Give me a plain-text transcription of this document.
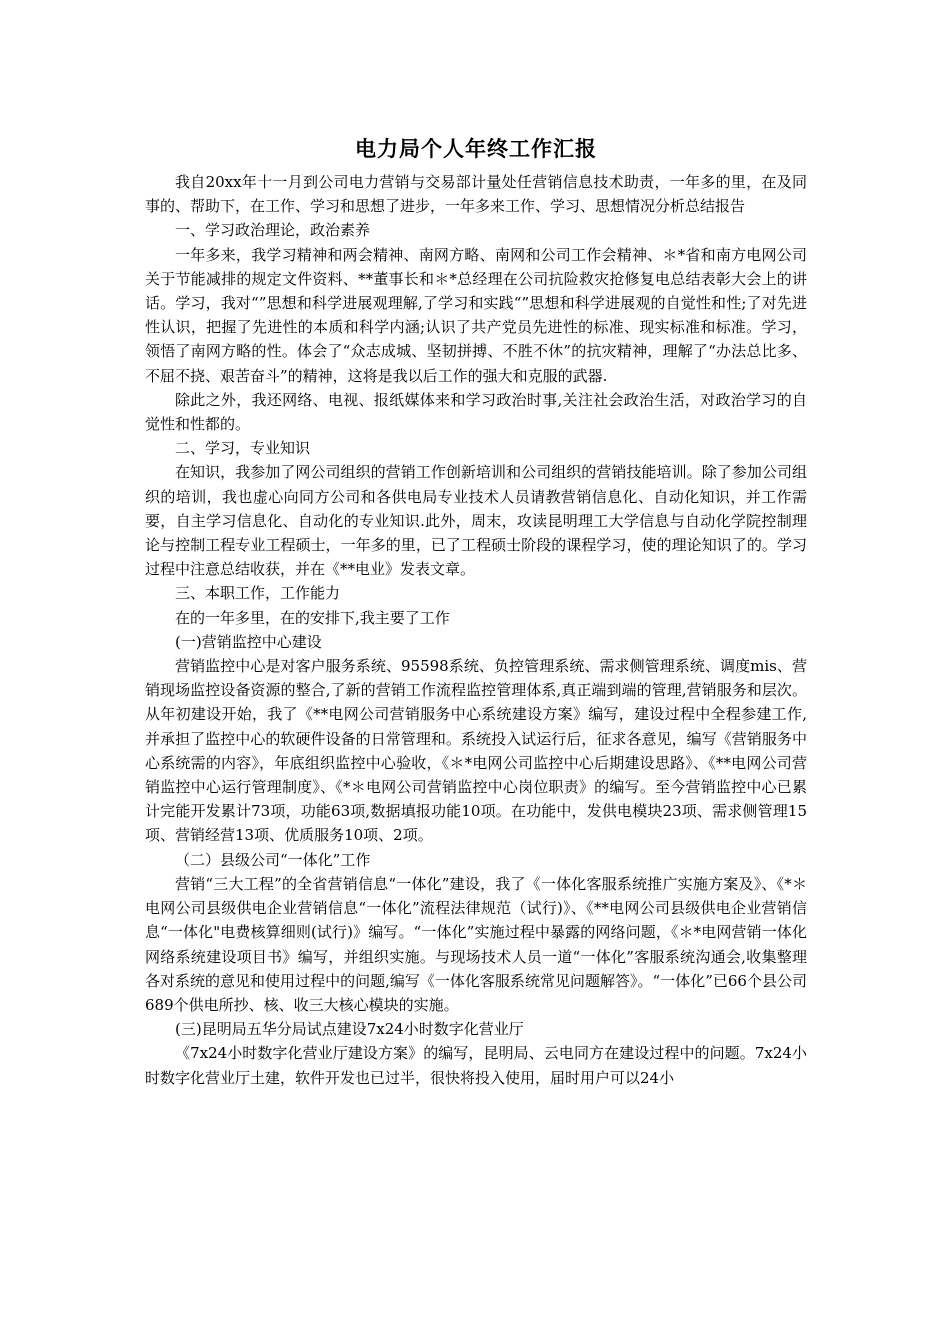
电力局个人年终工作汇报

我自20xx年十一月到公司电力营销与交易部计量处任营销信息技术助责，一年多的里，在及同事的、帮助下，在工作、学习和思想了进步，一年多来工作、学习、思想情况分析总结报告

一、学习政治理论，政治素养

一年多来，我学习精神和两会精神、南网方略、南网和公司工作会精神、＊*省和南方电网公司关于节能减排的规定文件资料、**董事长和＊*总经理在公司抗险救灾抢修复电总结表彰大会上的讲话。学习，我对“”思想和科学进展观理解,了学习和实践“”思想和科学进展观的自觉性和性;了对先进性认识，把握了先进性的本质和科学内涵;认识了共产党员先进性的标准、现实标准和标准。学习，领悟了南网方略的性。体会了“众志成城、坚韧拼搏、不胜不休”的抗灾精神，理解了“办法总比多、不屈不挠、艰苦奋斗”的精神，这将是我以后工作的强大和克服的武器.

除此之外，我还网络、电视、报纸媒体来和学习政治时事,关注社会政治生活，对政治学习的自觉性和性都的。

二、学习，专业知识

在知识，我参加了网公司组织的营销工作创新培训和公司组织的营销技能培训。除了参加公司组织的培训，我也虚心向同方公司和各供电局专业技术人员请教营销信息化、自动化知识，并工作需要，自主学习信息化、自动化的专业知识.此外，周末，攻读昆明理工大学信息与自动化学院控制理论与控制工程专业工程硕士，一年多的里，已了工程硕士阶段的课程学习，使的理论知识了的。学习过程中注意总结收获，并在《**电业》发表文章。

三、本职工作，工作能力

在的一年多里，在的安排下,我主要了工作

(一)营销监控中心建设

营销监控中心是对客户服务系统、95598系统、负控管理系统、需求侧管理系统、调度mis、营销现场监控设备资源的整合,了新的营销工作流程监控管理体系,真正端到端的管理,营销服务和层次。从年初建设开始，我了《**电网公司营销服务中心系统建设方案》编写，建设过程中全程参建工作,并承担了监控中心的软硬件设备的日常管理和。系统投入试运行后，征求各意见，编写《营销服务中心系统需的内容》，年底组织监控中心验收，《＊*电网公司监控中心后期建设思路》、《**电网公司营销监控中心运行管理制度》、《*＊电网公司营销监控中心岗位职责》的编写。至今营销监控中心已累计完能开发累计73项，功能63项,数据填报功能10项。在功能中，发供电模块23项、需求侧管理15项、营销经营13项、优质服务10项、2项。

（二）县级公司“一体化”工作

营销“三大工程”的全省营销信息“一体化”建设，我了《一体化客服系统推广实施方案及》、《*＊电网公司县级供电企业营销信息“一体化”流程法律规范（试行)》、《**电网公司县级供电企业营销信息“一体化"电费核算细则(试行)》编写。“一体化”实施过程中暴露的网络问题，《＊*电网营销一体化网络系统建设项目书》编写，并组织实施。与现场技术人员一道“一体化”客服系统沟通会,收集整理各对系统的意见和使用过程中的问题,编写《一体化客服系统常见问题解答》。“一体化”已66个县公司689个供电所抄、核、收三大核心模块的实施。

(三)昆明局五华分局试点建设7x24小时数字化营业厅

《7x24小时数字化营业厅建设方案》的编写，昆明局、云电同方在建设过程中的问题。7x24小时数字化营业厅土建，软件开发也已过半，很快将投入使用，届时用户可以24小
